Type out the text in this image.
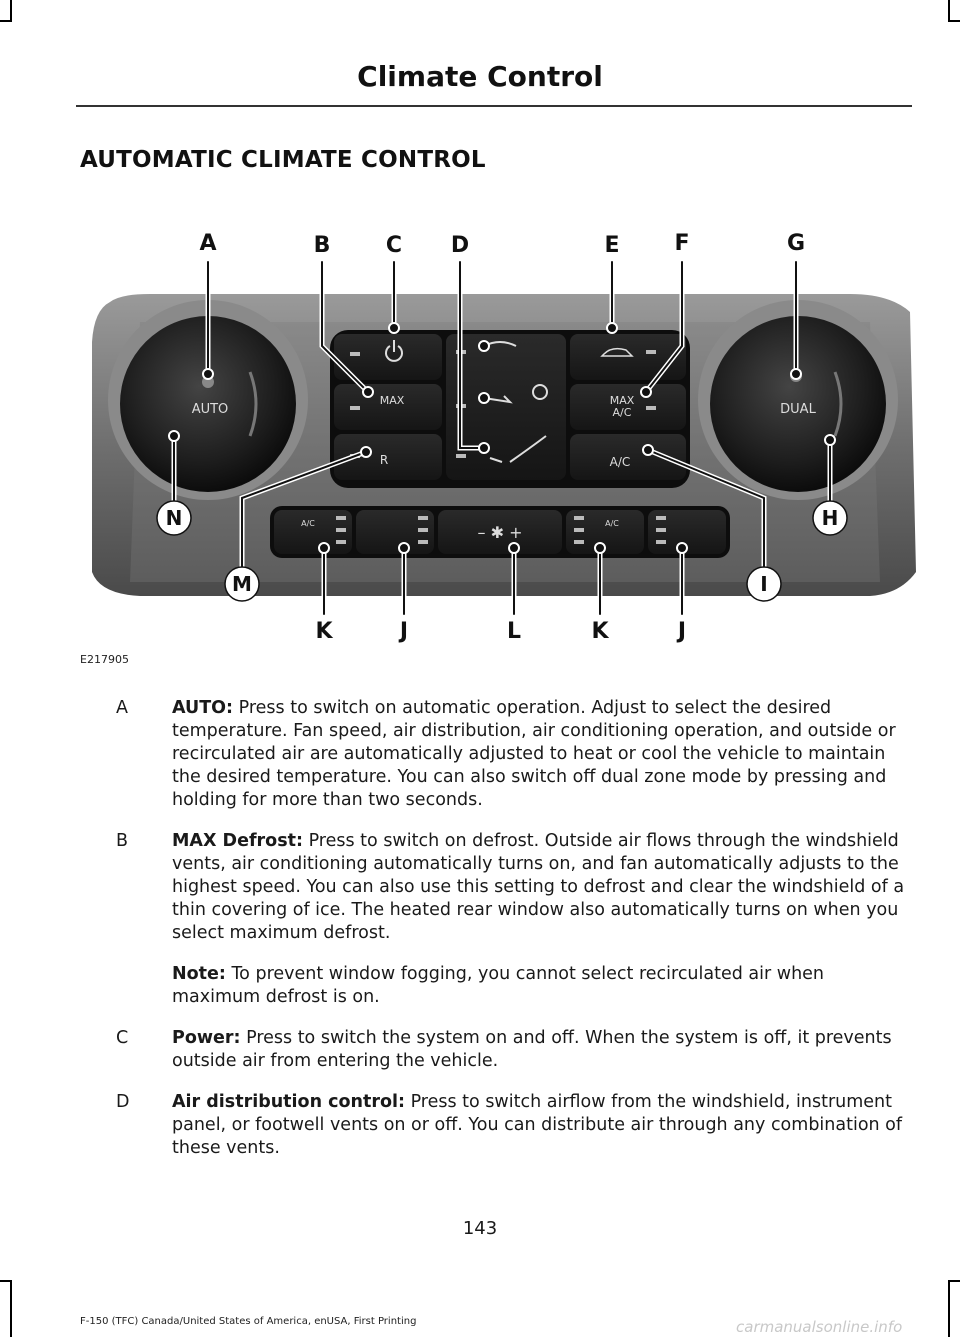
Climate Control
AUTOMATIC CLIMATE CONTROL
AUTO	DUAL
MAX
R
MAX
A/C
A/C
– ✱ +
A/C	A/C
A	B	C D	E F	G
K	J	L	K	J
N	H
M	I
E217905
A	AUTO: Press to switch on automatic operation. Adjust to select the desired temperature. Fan speed, air distribution, air conditioning operation, and outside or recirculated air are automatically adjusted to heat or cool the vehicle to maintain the desired temperature. You can also switch off dual zone mode by pressing and holding for more than two seconds.
B	MAX Defrost: Press to switch on defrost. Outside air flows through the windshield vents, air conditioning automatically turns on, and fan automatically adjusts to the highest speed. You can also use this setting to defrost and clear the windshield of a thin covering of ice. The heated rear window also automatically turns on when you select maximum defrost.
Note: To prevent window fogging, you cannot select recirculated air when maximum defrost is on.
C	Power: Press to switch the system on and off. When the system is off, it prevents outside air from entering the vehicle.
D Air distribution control: Press to switch airflow from the windshield, instrument panel, or footwell vents on or off. You can distribute air through any combination of these vents.
143
F-150 (TFC) Canada/United States of America, enUSA, First Printing	carmanualsonline.info
